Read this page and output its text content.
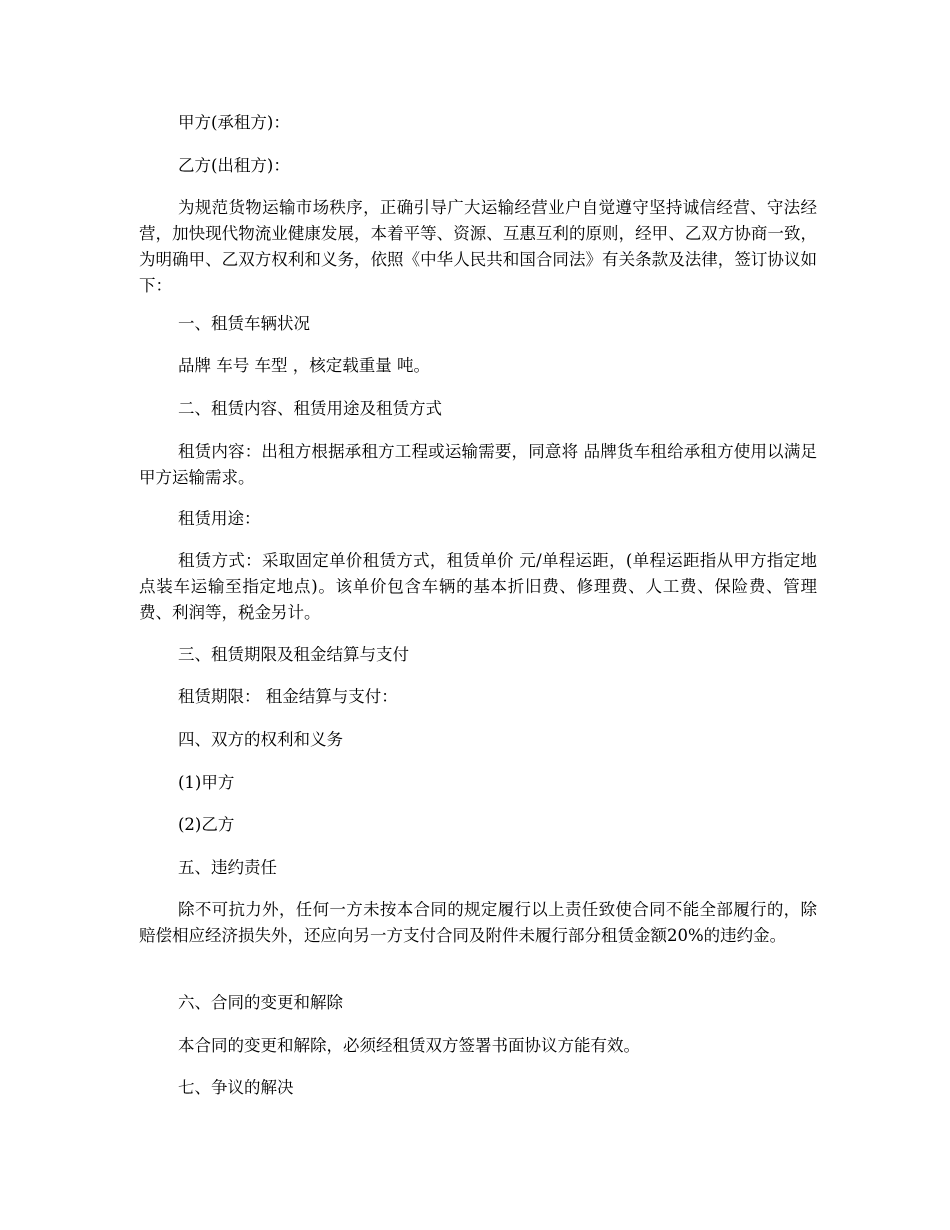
甲方(承租方)：

乙方(出租方)：

为规范货物运输市场秩序，正确引导广大运输经营业户自觉遵守坚持诚信经营、守法经营，加快现代物流业健康发展，本着平等、资源、互惠互利的原则，经甲、乙双方协商一致，为明确甲、乙双方权利和义务，依照《中华人民共和国合同法》有关条款及法律，签订协议如下：

一、租赁车辆状况

品牌 车号 车型 ，核定载重量 吨。

二、租赁内容、租赁用途及租赁方式

租赁内容：出租方根据承租方工程或运输需要，同意将 品牌货车租给承租方使用以满足甲方运输需求。

租赁用途：

租赁方式：采取固定单价租赁方式，租赁单价 元/单程运距，(单程运距指从甲方指定地点装车运输至指定地点)。该单价包含车辆的基本折旧费、修理费、人工费、保险费、管理费、利润等，税金另计。

三、租赁期限及租金结算与支付

租赁期限： 租金结算与支付：

四、双方的权利和义务

(1)甲方

(2)乙方

五、违约责任

除不可抗力外，任何一方未按本合同的规定履行以上责任致使合同不能全部履行的，除赔偿相应经济损失外，还应向另一方支付合同及附件未履行部分租赁金额20%的违约金。

六、合同的变更和解除

本合同的变更和解除，必须经租赁双方签署书面协议方能有效。

七、争议的解决
